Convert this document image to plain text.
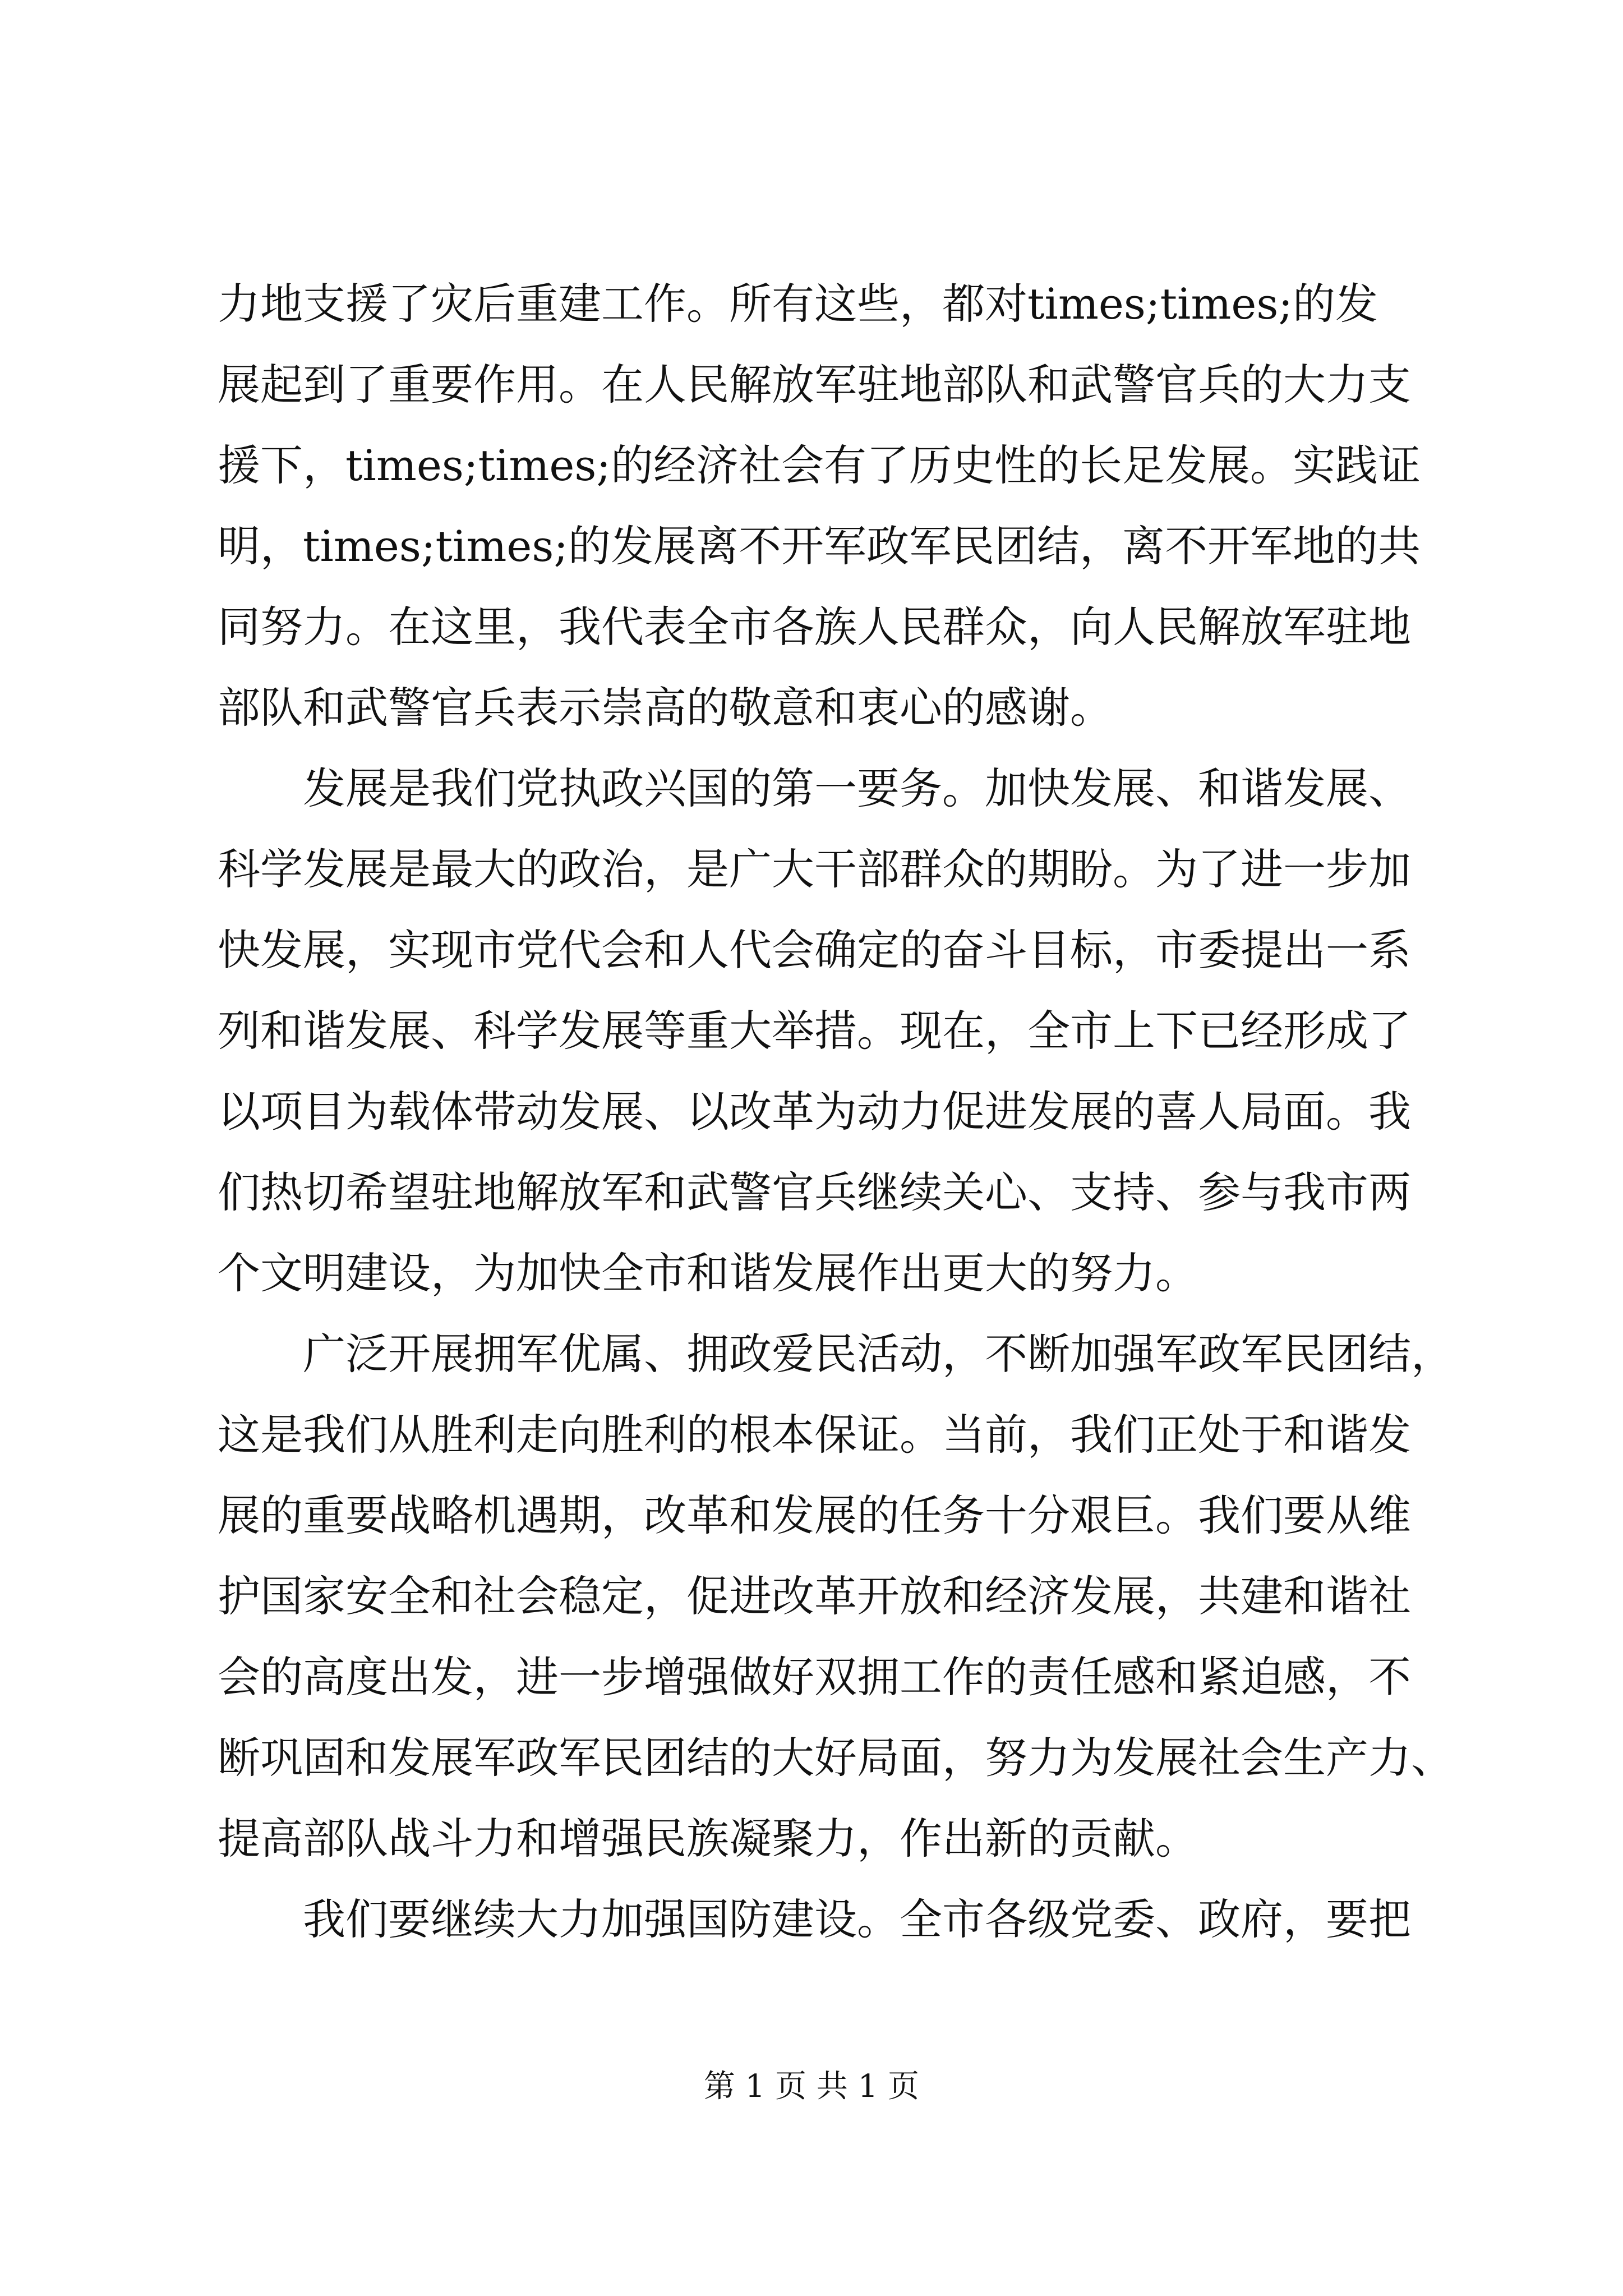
力地支援了灾后重建工作。所有这些，都对times;times;的发
展起到了重要作用。在人民解放军驻地部队和武警官兵的大力支
援下，times;times;的经济社会有了历史性的长足发展。实践证
明，times;times;的发展离不开军政军民团结，离不开军地的共
同努力。在这里，我代表全市各族人民群众，向人民解放军驻地
部队和武警官兵表示崇高的敬意和衷心的感谢。
发展是我们党执政兴国的第一要务。加快发展、和谐发展、
科学发展是最大的政治，是广大干部群众的期盼。为了进一步加
快发展，实现市党代会和人代会确定的奋斗目标，市委提出一系
列和谐发展、科学发展等重大举措。现在，全市上下已经形成了
以项目为载体带动发展、以改革为动力促进发展的喜人局面。我
们热切希望驻地解放军和武警官兵继续关心、支持、参与我市两
个文明建设，为加快全市和谐发展作出更大的努力。
广泛开展拥军优属、拥政爱民活动，不断加强军政军民团结，
这是我们从胜利走向胜利的根本保证。当前，我们正处于和谐发
展的重要战略机遇期，改革和发展的任务十分艰巨。我们要从维
护国家安全和社会稳定，促进改革开放和经济发展，共建和谐社
会的高度出发，进一步增强做好双拥工作的责任感和紧迫感，不
断巩固和发展军政军民团结的大好局面，努力为发展社会生产力、
提高部队战斗力和增强民族凝聚力，作出新的贡献。
我们要继续大力加强国防建设。全市各级党委、政府，要把
第 1 页 共 1 页
